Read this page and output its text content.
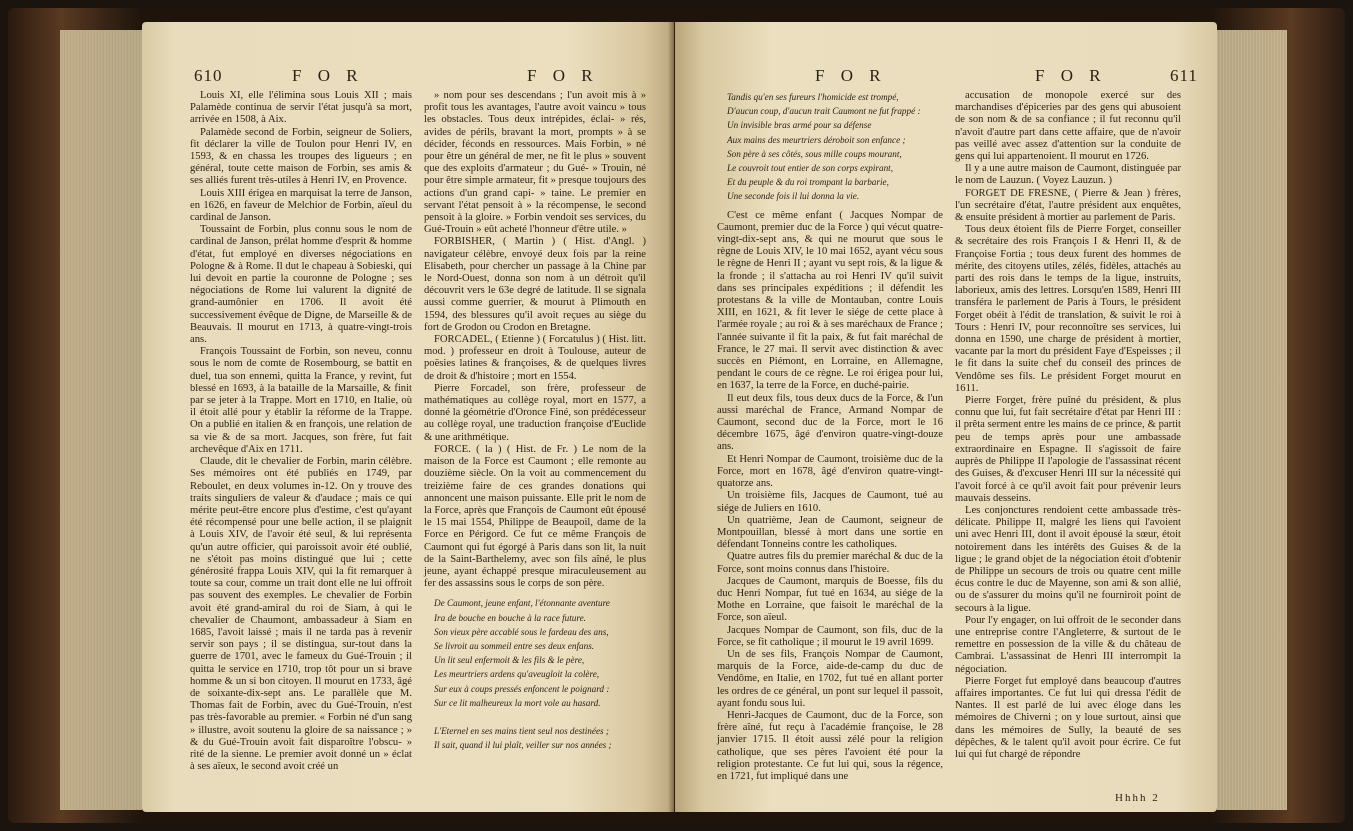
610	F O R	F O R

Louis XI, elle l'élimina sous Louis XII ; mais Palamède continua de servir l'état jusqu'à sa mort, arrivée en 1508, à Aix.

Palamède second de Forbin, seigneur de Soliers, fit déclarer la ville de Toulon pour Henri IV, en 1593, & en chassa les troupes des ligueurs ; en général, toute cette maison de Forbin, ses amis & ses alliés furent très-utiles à Henri IV, en Provence.

Louis XIII érigea en marquisat la terre de Janson, en 1626, en faveur de Melchior de Forbin, aïeul du cardinal de Janson.

Toussaint de Forbin, plus connu sous le nom de cardinal de Janson, prélat homme d'esprit & homme d'état, fut employé en diverses négociations en Pologne & à Rome. Il dut le chapeau à Sobieski, qui lui devoit en partie la couronne de Pologne ; ses négociations de Rome lui valurent la dignité de grand-aumônier en 1706. Il avoit été successivement évêque de Digne, de Marseille & de Beauvais. Il mourut en 1713, à quatre-vingt-trois ans.

François Toussaint de Forbin, son neveu, connu sous le nom de comte de Rosembourg, se battit en duel, tua son ennemi, quitta la France, y revint, fut blessé en 1693, à la bataille de la Marsaille, & finit par se jeter à la Trappe. Mort en 1710, en Italie, où il étoit allé pour y établir la réforme de la Trappe. On a publié en italien & en françois, une relation de sa vie & de sa mort. Jacques, son frère, fut fait archevêque d'Aix en 1711.

Claude, dit le chevalier de Forbin, marin célèbre. Ses mémoires ont été publiés en 1749, par Reboulet, en deux volumes in-12. On y trouve des traits singuliers de valeur & d'audace ; mais ce qui mérite peut-être encore plus d'estime, c'est qu'ayant été récompensé pour une belle action, il se plaignit à Louis XIV, de l'avoir été seul, & lui représenta qu'un autre officier, qui paroissoit avoir été oublié, ne s'étoit pas moins distingué que lui ; cette générosité frappa Louis XIV, qui la fit remarquer à toute sa cour, comme un trait dont elle ne lui offroit pas souvent des exemples. Le chevalier de Forbin avoit été grand-amiral du roi de Siam, à qui le chevalier de Chaumont, ambassadeur à Siam en 1685, l'avoit laissé ; mais il ne tarda pas à revenir servir son pays ; il se distingua, sur-tout dans la guerre de 1701, avec le fameux du Gué-Trouin ; il quitta le service en 1710, trop tôt pour un si brave homme & un si bon citoyen. Il mourut en 1733, âgé de soixante-dix-sept ans. Le parallèle que M. Thomas fait de Forbin, avec du Gué-Trouin, n'est pas très-favorable au premier. « Forbin né d'un sang » illustre, avoit soutenu la gloire de sa naissance ; » & du Gué-Trouin avoit fait disparoître l'obscu- » rité de la sienne. Le premier avoit donné un » éclat à ses aïeux, le second avoit créé un

» nom pour ses descendans ; l'un avoit mis à » profit tous les avantages, l'autre avoit vaincu » tous les obstacles. Tous deux intrépides, éclai- » rés, avides de périls, bravant la mort, prompts » à se décider, féconds en ressources. Mais Forbin, » né pour être un général de mer, ne fit le plus » souvent que des exploits d'armateur ; du Gué- » Trouin, né pour être simple armateur, fit » presque toujours des actions d'un grand capi- » taine. Le premier en servant l'état pensoit à » la récompense, le second pensoit à la gloire. » Forbin vendoit ses services, du Gué-Trouin » eût acheté l'honneur d'être utile. »

FORBISHER, ( Martin ) ( Hist. d'Angl. ) navigateur célèbre, envoyé deux fois par la reine Elisabeth, pour chercher un passage à la Chine par le Nord-Ouest, donna son nom à un détroit qu'il découvrit vers le 63e degré de latitude. Il se signala aussi comme guerrier, & mourut à Plimouth en 1594, des blessures qu'il avoit reçues au siège du fort de Grodon ou Crodon en Bretagne.

FORCADEL, ( Etienne ) ( Forcatulus ) ( Hist. litt. mod. ) professeur en droit à Toulouse, auteur de poësies latines & françoises, & de quelques livres de droit & d'histoire ; mort en 1554.

Pierre Forcadel, son frère, professeur de mathématiques au collège royal, mort en 1577, a donné la géométrie d'Oronce Finé, son prédécesseur au collège royal, une traduction françoise d'Euclide & une arithmétique.

FORCE. ( la ) ( Hist. de Fr. ) Le nom de la maison de la Force est Caumont ; elle remonte au douzième siècle. On la voit au commencement du treizième faire de ces grandes donations qui annoncent une maison puissante. Elle prit le nom de la Force, après que François de Caumont eût épousé le 15 mai 1554, Philippe de Beaupoil, dame de la Force en Périgord. Ce fut ce même François de Caumont qui fut égorgé à Paris dans son lit, la nuit de la Saint-Barthelemy, avec son fils aîné, le plus jeune, ayant échappé presque miraculeusement au fer des assassins sous le corps de son père.

De Caumont, jeune enfant, l'étonnante aventure
Ira de bouche en bouche à la race future.
Son vieux père accablé sous le fardeau des ans,
Se livroit au sommeil entre ses deux enfans.
Un lit seul enfermoit & les fils & le père,
Les meurtriers ardens qu'aveugloit la colère,
Sur eux à coups pressés enfoncent le poignard :
Sur ce lit malheureux la mort vole au hasard.

L'Eternel en ses mains tient seul nos destinées ;
Il sait, quand il lui plaît, veiller sur nos années ;
F O R	F O R	611
Tandis qu'en ses fureurs l'homicide est trompé,
D'aucun coup, d'aucun trait Caumont ne fut frappé :
Un invisible bras armé pour sa défense
Aux mains des meurtriers déroboit son enfance ;
Son père à ses côtés, sous mille coups mourant,
Le couvroit tout entier de son corps expirant,
Et du peuple & du roi trompant la barbarie,
Une seconde fois il lui donna la vie.

C'est ce même enfant ( Jacques Nompar de Caumont, premier duc de la Force ) qui vécut quatre-vingt-dix-sept ans, & qui ne mourut que sous le règne de Louis XIV, le 10 mai 1652, ayant vécu sous le règne de Henri II ; ayant vu sept rois, & la ligue & la fronde ; il s'attacha au roi Henri IV qu'il suivit dans ses principales expéditions ; il défendit les protestans & la ville de Montauban, contre Louis XIII, en 1621, & fit lever le siége de cette place à l'armée royale ; au roi & à ses maréchaux de France ; l'année suivante il fit la paix, & fut fait maréchal de France, le 27 mai. Il servit avec distinction & avec succès en Piémont, en Lorraine, en Allemagne, pendant le cours de ce règne. Le roi érigea pour lui, en 1637, la terre de la Force, en duché-pairie.

Il eut deux fils, tous deux ducs de la Force, & l'un aussi maréchal de France, Armand Nompar de Caumont, second duc de la Force, mort le 16 décembre 1675, âgé d'environ quatre-vingt-douze ans.

Et Henri Nompar de Caumont, troisième duc de la Force, mort en 1678, âgé d'environ quatre-vingt-quatorze ans.

Un troisième fils, Jacques de Caumont, tué au siége de Juliers en 1610.

Un quatrième, Jean de Caumont, seigneur de Montpouillan, blessé à mort dans une sortie en défendant Tonneins contre les catholiques.

Quatre autres fils du premier maréchal & duc de la Force, sont moins connus dans l'histoire.

Jacques de Caumont, marquis de Boesse, fils du duc Henri Nompar, fut tué en 1634, au siége de la Mothe en Lorraine, que faisoit le maréchal de la Force, son aïeul.

Jacques Nompar de Caumont, son fils, duc de la Force, se fit catholique ; il mourut le 19 avril 1699.

Un de ses fils, François Nompar de Caumont, marquis de la Force, aide-de-camp du duc de Vendôme, en Italie, en 1702, fut tué en allant porter les ordres de ce général, un pont sur lequel il passoit, ayant fondu sous lui.

Henri-Jacques de Caumont, duc de la Force, son frère aîné, fut reçu à l'académie françoise, le 28 janvier 1715. Il étoit aussi zélé pour la religion catholique, que ses pères l'avoient été pour la religion protestante. Ce fut lui qui, sous la régence, en 1721, fut impliqué dans une

accusation de monopole exercé sur des marchandises d'épiceries par des gens qui abusoient de son nom & de sa confiance ; il fut reconnu qu'il n'avoit d'autre part dans cette affaire, que de n'avoir pas veillé avec assez d'attention sur la conduite de gens qui lui appartenoient. Il mourut en 1726.

Il y a une autre maison de Caumont, distinguée par le nom de Lauzun. ( Voyez Lauzun. )

FORGET DE FRESNE, ( Pierre & Jean ) frères, l'un secrétaire d'état, l'autre président aux enquêtes, & ensuite président à mortier au parlement de Paris.

Tous deux étoient fils de Pierre Forget, conseiller & secrétaire des rois François I & Henri II, & de Françoise Fortia ; tous deux furent des hommes de mérite, des citoyens utiles, zélés, fidèles, attachés au parti des rois dans le temps de la ligue, instruits, laborieux, amis des lettres. Lorsqu'en 1589, Henri III transféra le parlement de Paris à Tours, le président Forget obéit à l'édit de translation, & suivit le roi à Tours : Henri IV, pour reconnoître ses services, lui donna en 1590, une charge de président à mortier, vacante par la mort du président Faye d'Espeisses ; il le fit dans la suite chef du conseil des princes de Vendôme ses fils. Le président Forget mourut en 1611.

Pierre Forget, frère puîné du président, & plus connu que lui, fut fait secrétaire d'état par Henri III : il prêta serment entre les mains de ce prince, & partit peu de temps après pour une ambassade extraordinaire en Espagne. Il s'agissoit de faire auprès de Philippe II l'apologie de l'assassinat récent des Guises, & d'excuser Henri III sur la nécessité qui l'avoit forcé à ce qu'il avoit fait pour prévenir leurs mauvais desseins.

Les conjonctures rendoient cette ambassade très-délicate. Philippe II, malgré les liens qui l'avoient uni avec Henri III, dont il avoit épousé la sœur, étoit notoirement dans les intérêts des Guises & de la ligue ; le grand objet de la négociation étoit d'obtenir de Philippe un secours de trois ou quatre cent mille écus contre le duc de Mayenne, son ami & son allié, ou de s'assurer du moins qu'il ne fourniroit point de secours à la ligue.

Pour l'y engager, on lui offroit de le seconder dans une entreprise contre l'Angleterre, & surtout de le remettre en possession de la ville & du château de Cambrai. L'assassinat de Henri III interrompit la négociation.

Pierre Forget fut employé dans beaucoup d'autres affaires importantes. Ce fut lui qui dressa l'édit de Nantes. Il est parlé de lui avec éloge dans les mémoires de Chiverni ; on y loue surtout, ainsi que dans les mémoires de Sully, la beauté de ses dépêches, & le talent qu'il avoit pour écrire. Ce fut lui qui fut chargé de répondre

Hhhh 2
